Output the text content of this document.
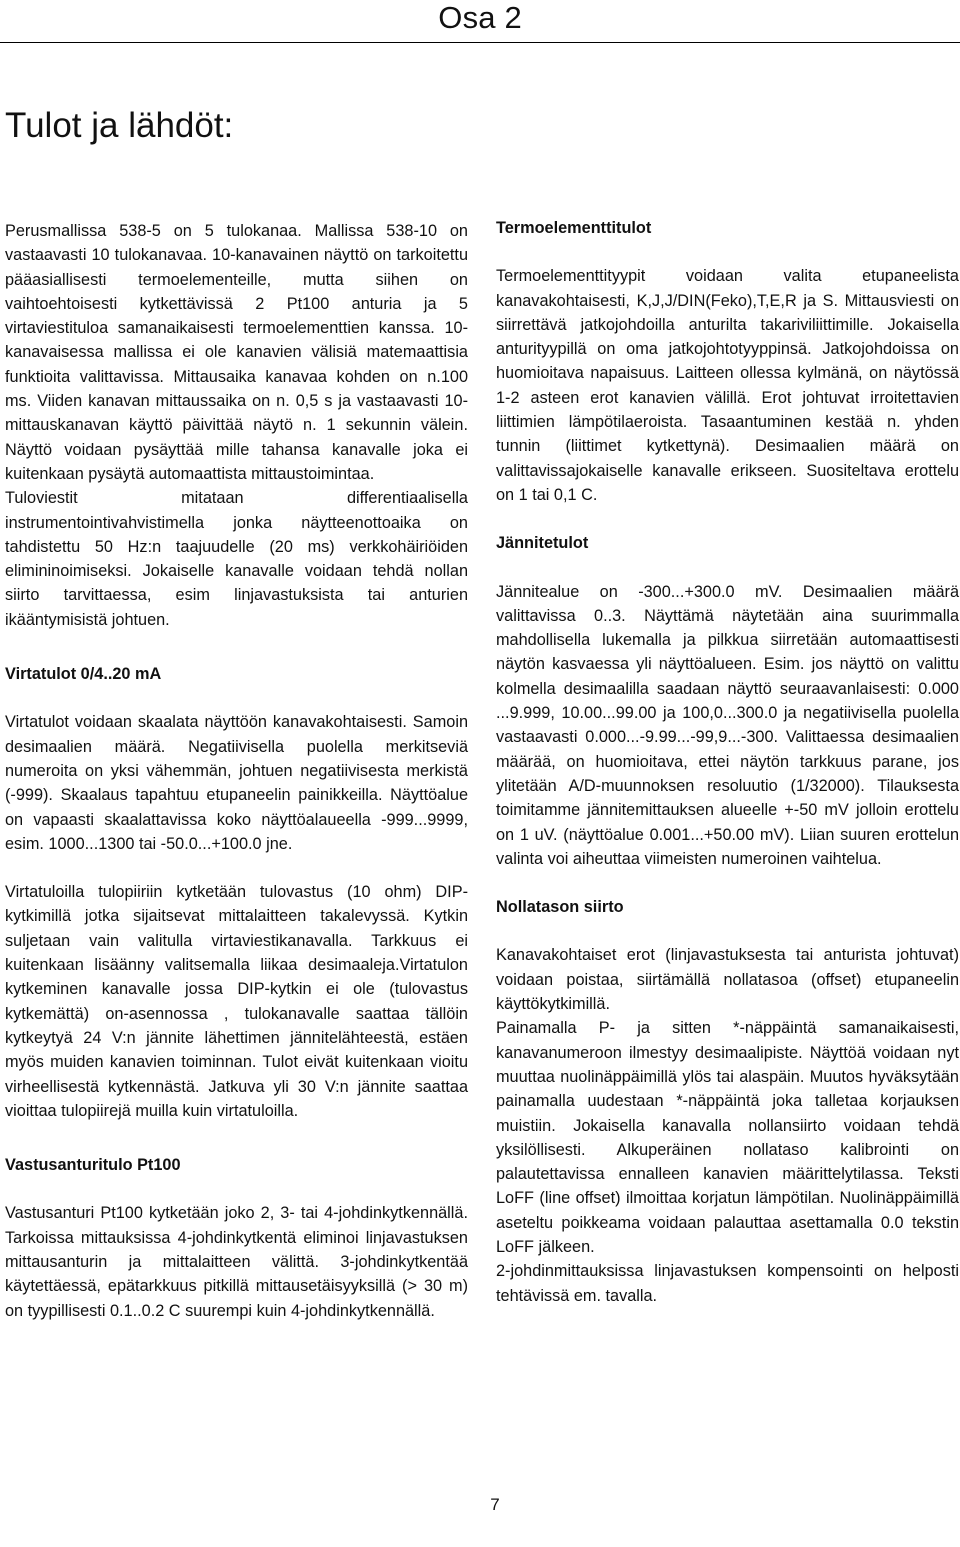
Osa 2
Tulot ja lähdöt:

Perusmallissa 538-5 on 5 tulokanaa. Mallissa 538-10 on vastaavasti 10 tulokanavaa. 10-kanavainen näyttö on tarkoitettu pääasiallisesti termoelementeille, mutta siihen on vaihtoehtoisesti kytkettävissä 2 Pt100 anturia ja 5 virtaviestituloa samanaikaisesti termoelementtien kanssa. 10-kanavaisessa mallissa ei ole kanavien välisiä matemaattisia funktioita valittavissa. Mittausaika kanavaa kohden on n.100 ms. Viiden kanavan mittaussaika on n. 0,5 s ja vastaavasti 10- mittauskanavan käyttö päivittää näytö n. 1 sekunnin välein. Näyttö voidaan pysäyttää mille tahansa kanavalle joka ei kuitenkaan pysäytä automaattista mittaustoimintaa.

Tuloviestit mitataan differentiaalisella instrumentointivahvistimella jonka näytteenottoaika on tahdistettu 50 Hz:n taajuudelle (20 ms) verkkohäiriöiden elimininoimiseksi. Jokaiselle kanavalle voidaan tehdä nollan siirto tarvittaessa, esim linjavastuksista tai anturien ikääntymisistä johtuen.

Virtatulot 0/4..20 mA

Virtatulot voidaan skaalata näyttöön kanavakohtaisesti. Samoin desimaalien määrä. Negatiivisella puolella merkitseviä numeroita on yksi vähemmän, johtuen negatiivisesta merkistä (-999). Skaalaus tapahtuu etupaneelin painikkeilla. Näyttöalue on vapaasti skaalattavissa koko näyttöalaueella -999...9999, esim. 1000...1300 tai -50.0...+100.0 jne.

Virtatuloilla tulopiiriin kytketään tulovastus (10 ohm) DIP-kytkimillä jotka sijaitsevat mittalaitteen takalevyssä. Kytkin suljetaan vain valitulla virtaviestikanavalla. Tarkkuus ei kuitenkaan lisäänny valitsemalla liikaa desimaaleja.Virtatulon kytkeminen kanavalle jossa DIP-kytkin ei ole (tulovastus kytkemättä) on-asennossa , tulokanavalle saattaa tällöin kytkeytyä 24 V:n jännite lähettimen jännitelähteestä, estäen myös muiden kanavien toiminnan. Tulot eivät kuitenkaan vioitu virheellisestä kytkennästä. Jatkuva yli 30 V:n jännite saattaa vioittaa tulopiirejä muilla kuin virtatuloilla.

Vastusanturitulo Pt100

Vastusanturi Pt100 kytketään joko 2, 3- tai 4-johdinkytkennällä. Tarkoissa mittauksissa 4-johdinkytkentä eliminoi linjavastuksen mittausanturin ja mittalaitteen välittä. 3-johdinkytkentää käytettäessä, epätarkkuus pitkillä mittausetäisyyksillä (> 30 m) on tyypillisesti 0.1..0.2 C suurempi kuin 4-johdinkytkennällä.

Termoelementtitulot

Termoelementtityypit voidaan valita etupaneelista kanavakohtaisesti, K,J,J/DIN(Feko),T,E,R ja S. Mittausviesti on siirrettävä jatkojohdoilla anturilta takariviliittimille. Jokaisella anturityypillä on oma jatkojohtotyyppinsä. Jatkojohdoissa on huomioitava napaisuus. Laitteen ollessa kylmänä, on näytössä 1-2 asteen erot kanavien välillä. Erot johtuvat irroitettavien liittimien lämpötilaeroista. Tasaantuminen kestää n. yhden tunnin (liittimet kytkettynä). Desimaalien määrä on valittavissajokaiselle kanavalle erikseen. Suositeltava erottelu on 1 tai 0,1 C.

Jännitetulot

Jännitealue on -300...+300.0 mV. Desimaalien määrä valittavissa 0..3. Näyttämä näytetään aina suurimmalla mahdollisella lukemalla ja pilkkua siirretään automaattisesti näytön kasvaessa yli näyttöalueen. Esim. jos näyttö on valittu kolmella desimaalilla saadaan näyttö seuraavanlaisesti: 0.000 ...9.999, 10.00...99.00 ja 100,0...300.0 ja negatiivisella puolella vastaavasti 0.000...-9.99...-99,9...-300. Valittaessa desimaalien määrää, on huomioitava, ettei näytön tarkkuus parane, jos ylitetään A/D-muunnoksen resoluutio (1/32000). Tilauksesta toimitamme jännitemittauksen alueelle +-50 mV jolloin erottelu on 1 uV. (näyttöalue 0.001...+50.00 mV). Liian suuren erottelun valinta voi aiheuttaa viimeisten numeroinen vaihtelua.

Nollatason siirto

Kanavakohtaiset erot (linjavastuksesta tai anturista johtuvat) voidaan poistaa, siirtämällä nollatasoa (offset) etupaneelin käyttökytkimillä.

Painamalla P- ja sitten *-näppäintä samanaikaisesti, kanavanumeroon ilmestyy desimaalipiste. Näyttöä voidaan nyt muuttaa nuolinäppäimillä ylös tai alaspäin. Muutos hyväksytään painamalla uudestaan *-näppäintä joka talletaa korjauksen muistiin. Jokaisella kanavalla nollansiirto voidaan tehdä yksilöllisesti. Alkuperäinen nollataso kalibrointi on palautettavissa ennalleen kanavien määrittelytilassa. Teksti LoFF (line offset) ilmoittaa korjatun lämpötilan. Nuolinäppäimillä aseteltu poikkeama voidaan palauttaa asettamalla 0.0 tekstin LoFF jälkeen.

2-johdinmittauksissa linjavastuksen kompensointi on helposti tehtävissä em. tavalla.

7
